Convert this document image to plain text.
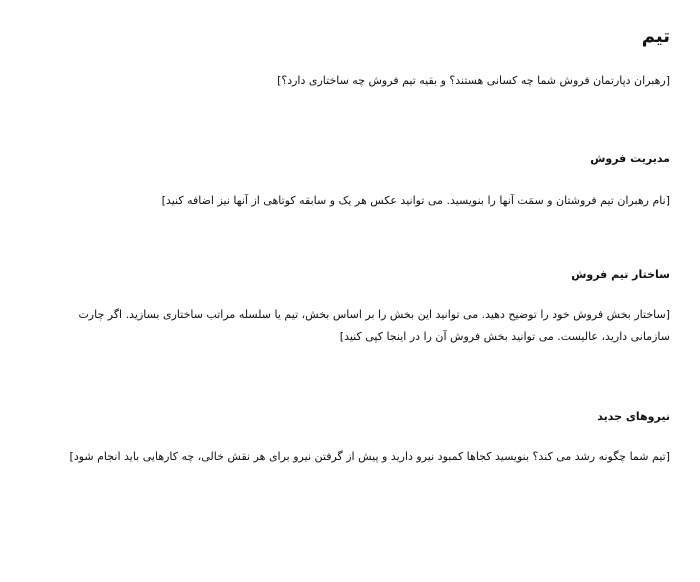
تیم

[رهبران دپارتمان فروش شما چه کسانی هستند؟ و بقیه تیم فروش چه ساختاری دارد؟]

مدیریت فروش

[نام رهبران تیم فروشتان و سمَت آنها را بنویسید. می توانید عکس هر یک و سابقه کوتاهی از آنها نیز اضافه کنید]

ساختار تیم فروش

[ساختار بخش فروش خود را توضیح دهید. می توانید این بخش را بر اساس بخش، تیم یا سلسله مراتب ساختاری بسازید. اگر چارت سازمانی دارید، عالیست. می توانید بخش فروش آن را در اینجا کپی کنید]

نیروهای جدید

[تیم شما چگونه رشد می کند؟ بنویسید کجاها کمبود نیرو دارید و پیش از گرفتن نیرو برای هر نقش خالی، چه کارهایی باید انجام شود]
